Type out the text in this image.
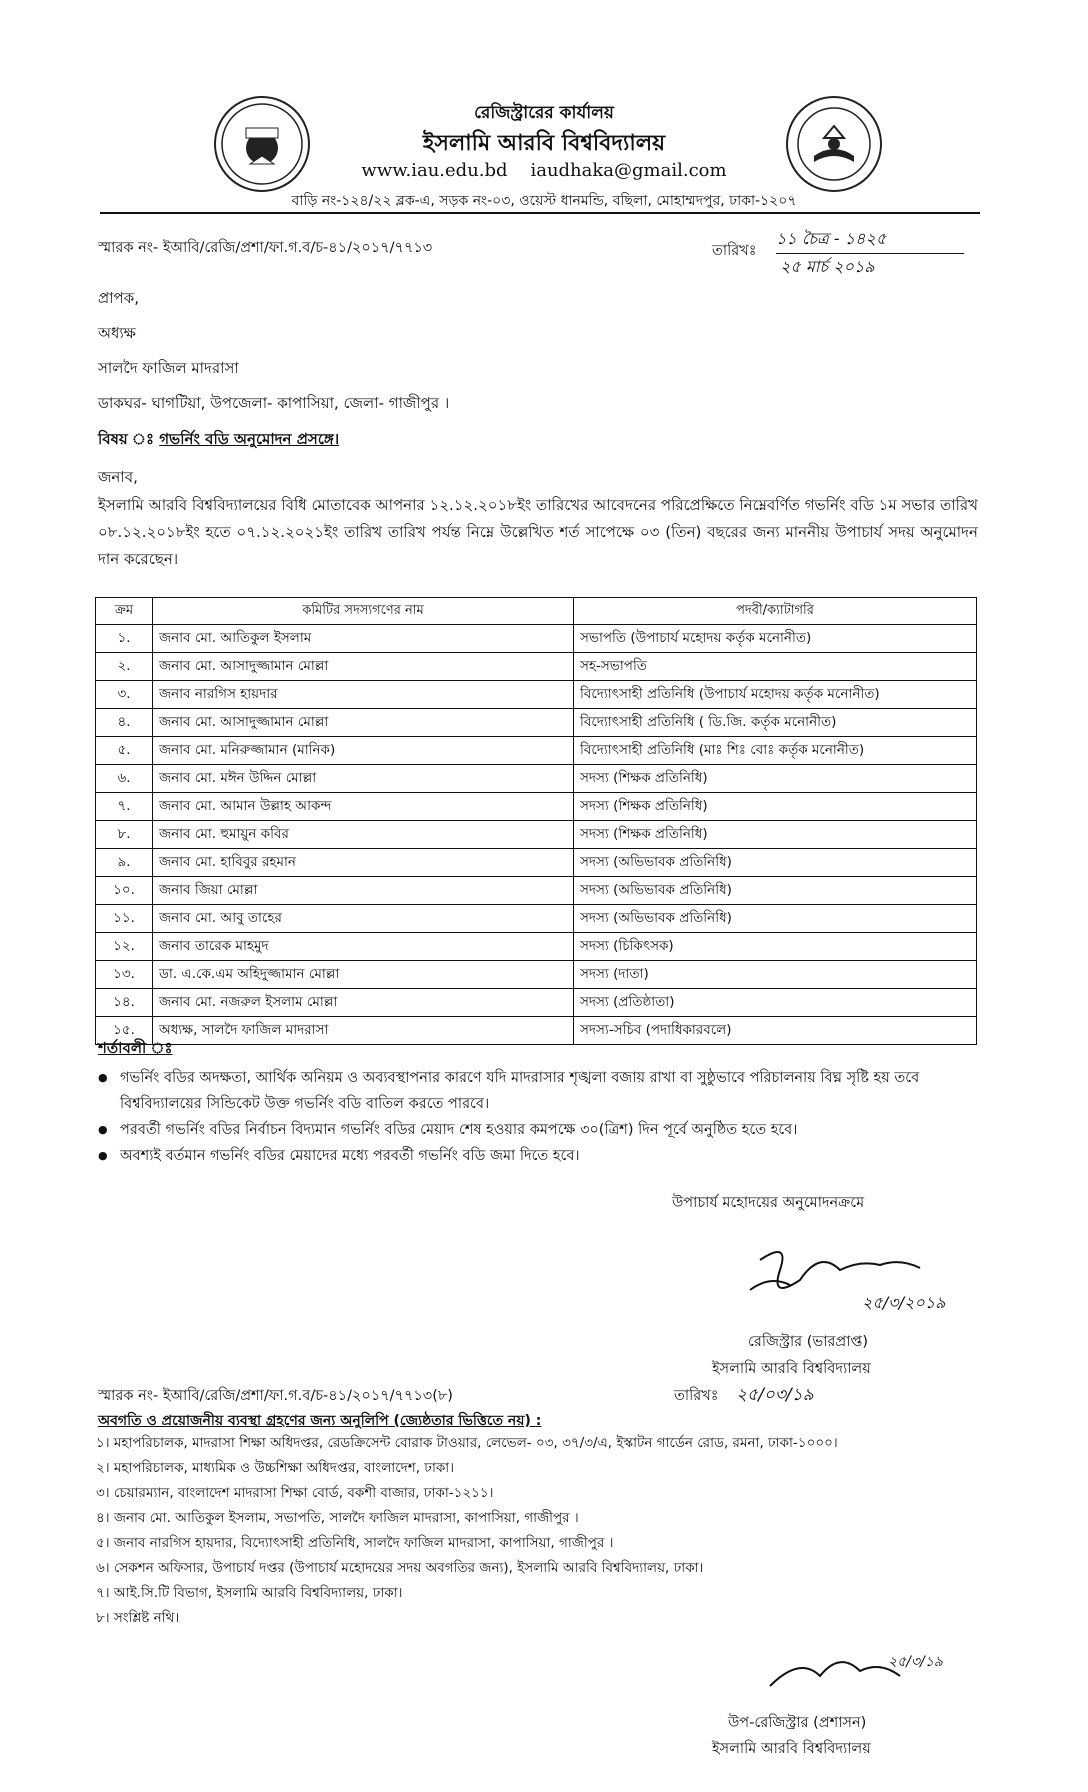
রেজিস্ট্রারের কার্যালয়
ইসলামি আরবি বিশ্ববিদ্যালয়
www.iau.edu.bd iaudhaka@gmail.com
বাড়ি নং-১২৪/২২ ব্লক-এ, সড়ক নং-০৩, ওয়েস্ট ধানমন্ডি, বছিলা, মোহাম্মদপুর, ঢাকা-১২০৭
স্মারক নং- ইআবি/রেজি/প্রশা/ফা.গ.ব/চ-৪১/২০১৭/৭৭১৩	তারিখঃ
১১ চৈত্র - ১৪২৫
২৫ মার্চ ২০১৯
প্রাপক,
অধ্যক্ষ
সালদৈ ফাজিল মাদরাসা
ডাকঘর- ঘাগটিয়া, উপজেলা- কাপাসিয়া, জেলা- গাজীপুর ।
বিষয় ঃ গভর্নিং বডি অনুমোদন প্রসঙ্গে।
জনাব,
ইসলামি আরবি বিশ্ববিদ্যালয়ের বিধি মোতাবেক আপনার ১২.১২.২০১৮ইং তারিখের আবেদনের পরিপ্রেক্ষিতে নিম্নেবর্ণিত গভর্নিং বডি ১ম সভার তারিখ ০৮.১২.২০১৮ইং হতে ০৭.১২.২০২১ইং তারিখ তারিখ পর্যন্ত নিম্নে উল্লেখিত শর্ত সাপেক্ষে ০৩ (তিন) বছরের জন্য মাননীয় উপাচার্য সদয় অনুমোদন দান করেছেন।
ক্রম	কমিটির সদস্যগণের নাম	পদবী/ক্যাটাগরি
১.	জনাব মো. আতিকুল ইসলাম	সভাপতি (উপাচার্য মহোদয় কর্তৃক মনোনীত)
২.	জনাব মো. আসাদুজ্জামান মোল্লা	সহ-সভাপতি
৩.	জনাব নারগিস হায়দার	বিদ্যোৎসাহী প্রতিনিধি (উপাচার্য মহোদয় কর্তৃক মনোনীত)
৪.	জনাব মো. আসাদুজ্জামান মোল্লা	বিদ্যোৎসাহী প্রতিনিধি ( ডি.জি. কর্তৃক মনোনীত)
৫.	জনাব মো. মনিরুজ্জামান (মানিক)	বিদ্যোৎসাহী প্রতিনিধি (মাঃ শিঃ বোঃ কর্তৃক মনোনীত)
৬.	জনাব মো. মঈন উদ্দিন মোল্লা	সদস্য (শিক্ষক প্রতিনিধি)
৭.	জনাব মো. আমান উল্লাহ আকন্দ	সদস্য (শিক্ষক প্রতিনিধি)
৮.	জনাব মো. হুমায়ুন কবির	সদস্য (শিক্ষক প্রতিনিধি)
৯.	জনাব মো. হাবিবুর রহমান	সদস্য (অভিভাবক প্রতিনিধি)
১০.	জনাব জিয়া মোল্লা	সদস্য (অভিভাবক প্রতিনিধি)
১১.	জনাব মো. আবু তাহের	সদস্য (অভিভাবক প্রতিনিধি)
১২.	জনাব তারেক মাহমুদ	সদস্য (চিকিৎসক)
১৩.	ডা. এ.কে.এম অহিদুজ্জামান মোল্লা	সদস্য (দাতা)
১৪.	জনাব মো. নজরুল ইসলাম মোল্লা	সদস্য (প্রতিষ্ঠাতা)
১৫.	অধ্যক্ষ, সালদৈ ফাজিল মাদরাসা	সদস্য-সচিব (পদাধিকারবলে)
শর্তাবলী ঃ
● গভর্নিং বডির অদক্ষতা, আর্থিক অনিয়ম ও অব্যবস্থাপনার কারণে যদি মাদরাসার শৃঙ্খলা বজায় রাখা বা সুষ্ঠুভাবে পরিচালনায় বিঘ্ন সৃষ্টি হয় তবে বিশ্ববিদ্যালয়ের সিন্ডিকেট উক্ত গভর্নিং বডি বাতিল করতে পারবে।
● পরবর্তী গভর্নিং বডির নির্বাচন বিদ্যমান গভর্নিং বডির মেয়াদ শেষ হওয়ার কমপক্ষে ৩০(ত্রিশ) দিন পূর্বে অনুষ্ঠিত হতে হবে।
● অবশ্যই বর্তমান গভর্নিং বডির মেয়াদের মধ্যে পরবর্তী গভর্নিং বডি জমা দিতে হবে।
উপাচার্য মহোদয়ের অনুমোদনক্রমে
২৫/৩/২০১৯
রেজিস্ট্রার (ভারপ্রাপ্ত)
ইসলামি আরবি বিশ্ববিদ্যালয়
স্মারক নং- ইআবি/রেজি/প্রশা/ফা.গ.ব/চ-৪১/২০১৭/৭৭১৩(৮)	তারিখঃ ২৫/০৩/১৯
অবগতি ও প্রয়োজনীয় ব্যবস্থা গ্রহণের জন্য অনুলিপি (জ্যেষ্ঠতার ভিত্তিতে নয়) :
১। মহাপরিচালক, মাদরাসা শিক্ষা অধিদপ্তর, রেডক্রিসেন্ট বোরাক টাওয়ার, লেভেল- ০৩, ৩৭/৩/এ, ইস্কাটন গার্ডেন রোড, রমনা, ঢাকা-১০০০।
২। মহাপরিচালক, মাধ্যমিক ও উচ্চশিক্ষা অধিদপ্তর, বাংলাদেশ, ঢাকা।
৩। চেয়ারম্যান, বাংলাদেশ মাদরাসা শিক্ষা বোর্ড, বকশী বাজার, ঢাকা-১২১১।
৪। জনাব মো. আতিকুল ইসলাম, সভাপতি, সালদৈ ফাজিল মাদরাসা, কাপাসিয়া, গাজীপুর ।
৫। জনাব নারগিস হায়দার, বিদ্যোৎসাহী প্রতিনিধি, সালদৈ ফাজিল মাদরাসা, কাপাসিয়া, গাজীপুর ।
৬। সেকশন অফিসার, উপাচার্য দপ্তর (উপাচার্য মহোদয়ের সদয় অবগতির জন্য), ইসলামি আরবি বিশ্ববিদ্যালয়, ঢাকা।
৭। আই.সি.টি বিভাগ, ইসলামি আরবি বিশ্ববিদ্যালয়, ঢাকা।
৮। সংশ্লিষ্ট নথি।
২৫/৩/১৯
উপ-রেজিস্ট্রার (প্রশাসন)
ইসলামি আরবি বিশ্ববিদ্যালয়
